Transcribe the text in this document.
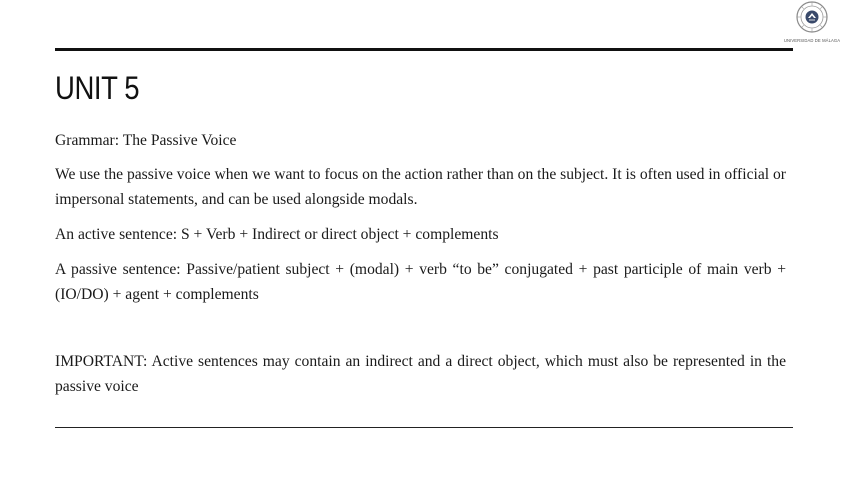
UNIVERSIDAD DE MÁLAGA
UNIT 5

Grammar: The Passive Voice

We use the passive voice when we want to focus on the action rather than on the subject. It is often used in official or impersonal statements, and can be used alongside modals.

An active sentence: S + Verb + Indirect or direct object + complements

A passive sentence: Passive/patient subject + (modal) + verb “to be” conjugated + past participle of main verb + (IO/DO) + agent + complements

IMPORTANT: Active sentences may contain an indirect and a direct object, which must also be represented in the passive voice
